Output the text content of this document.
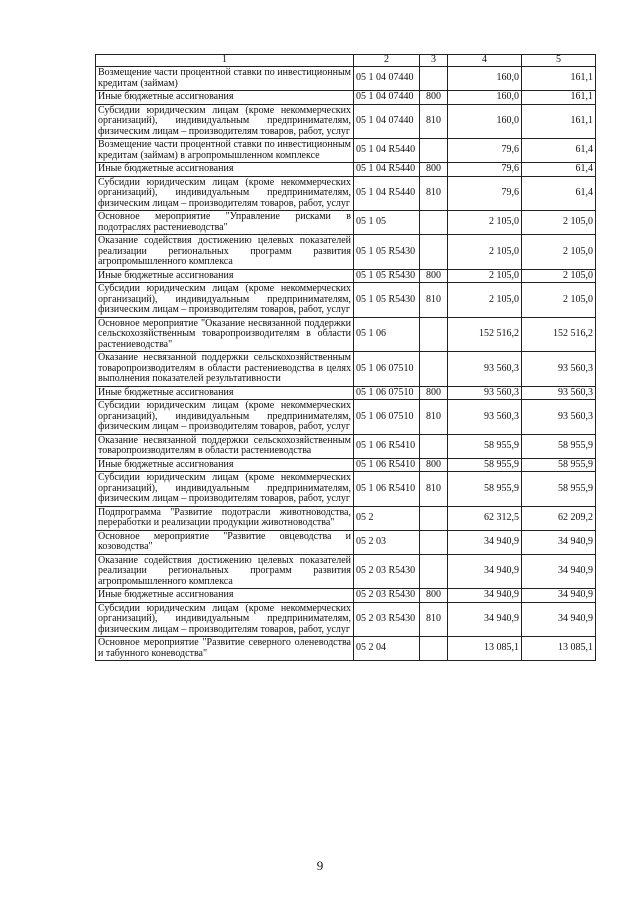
1	2	3	4	5
Возмещение части процентной ставки по инвестиционным кредитам (займам)	05 1 04 07440		160,0	161,1
Иные бюджетные ассигнования	05 1 04 07440	800	160,0	161,1
Субсидии юридическим лицам (кроме некоммерческих организаций), индивидуальным предпринимателям, физическим лицам – производителям товаров, работ, услуг	05 1 04 07440	810	160,0	161,1
Возмещение части процентной ставки по инвестиционным кредитам (займам) в агропромышленном комплексе	05 1 04 R5440		79,6	61,4
Иные бюджетные ассигнования	05 1 04 R5440	800	79,6	61,4
Субсидии юридическим лицам (кроме некоммерческих организаций), индивидуальным предпринимателям, физическим лицам – производителям товаров, работ, услуг	05 1 04 R5440	810	79,6	61,4
Основное мероприятие "Управление рисками в подотраслях растениеводства"	05 1 05		2 105,0	2 105,0
Оказание содействия достижению целевых показателей реализации региональных программ развития агропромышленного комплекса	05 1 05 R5430		2 105,0	2 105,0
Иные бюджетные ассигнования	05 1 05 R5430	800	2 105,0	2 105,0
Субсидии юридическим лицам (кроме некоммерческих организаций), индивидуальным предпринимателям, физическим лицам – производителям товаров, работ, услуг	05 1 05 R5430	810	2 105,0	2 105,0
Основное мероприятие "Оказание несвязанной поддержки сельскохозяйственным товаропроизводителям в области растениеводства"	05 1 06		152 516,2	152 516,2
Оказание несвязанной поддержки сельскохозяйственным товаропроизводителям в области растениеводства в целях выполнения показателей результативности	05 1 06 07510		93 560,3	93 560,3
Иные бюджетные ассигнования	05 1 06 07510	800	93 560,3	93 560,3
Субсидии юридическим лицам (кроме некоммерческих организаций), индивидуальным предпринимателям, физическим лицам – производителям товаров, работ, услуг	05 1 06 07510	810	93 560,3	93 560,3
Оказание несвязанной поддержки сельскохозяйственным товаропроизводителям в области растениеводства	05 1 06 R5410		58 955,9	58 955,9
Иные бюджетные ассигнования	05 1 06 R5410	800	58 955,9	58 955,9
Субсидии юридическим лицам (кроме некоммерческих организаций), индивидуальным предпринимателям, физическим лицам – производителям товаров, работ, услуг	05 1 06 R5410	810	58 955,9	58 955,9
Подпрограмма "Развитие подотрасли животноводства, переработки и реализации продукции животноводства"	05 2		62 312,5	62 209,2
Основное мероприятие "Развитие овцеводства и козоводства"	05 2 03		34 940,9	34 940,9
Оказание содействия достижению целевых показателей реализации региональных программ развития агропромышленного комплекса	05 2 03 R5430		34 940,9	34 940,9
Иные бюджетные ассигнования	05 2 03 R5430	800	34 940,9	34 940,9
Субсидии юридическим лицам (кроме некоммерческих организаций), индивидуальным предпринимателям, физическим лицам – производителям товаров, работ, услуг	05 2 03 R5430	810	34 940,9	34 940,9
Основное мероприятие "Развитие северного оленеводства и табунного коневодства"	05 2 04		13 085,1	13 085,1
9
